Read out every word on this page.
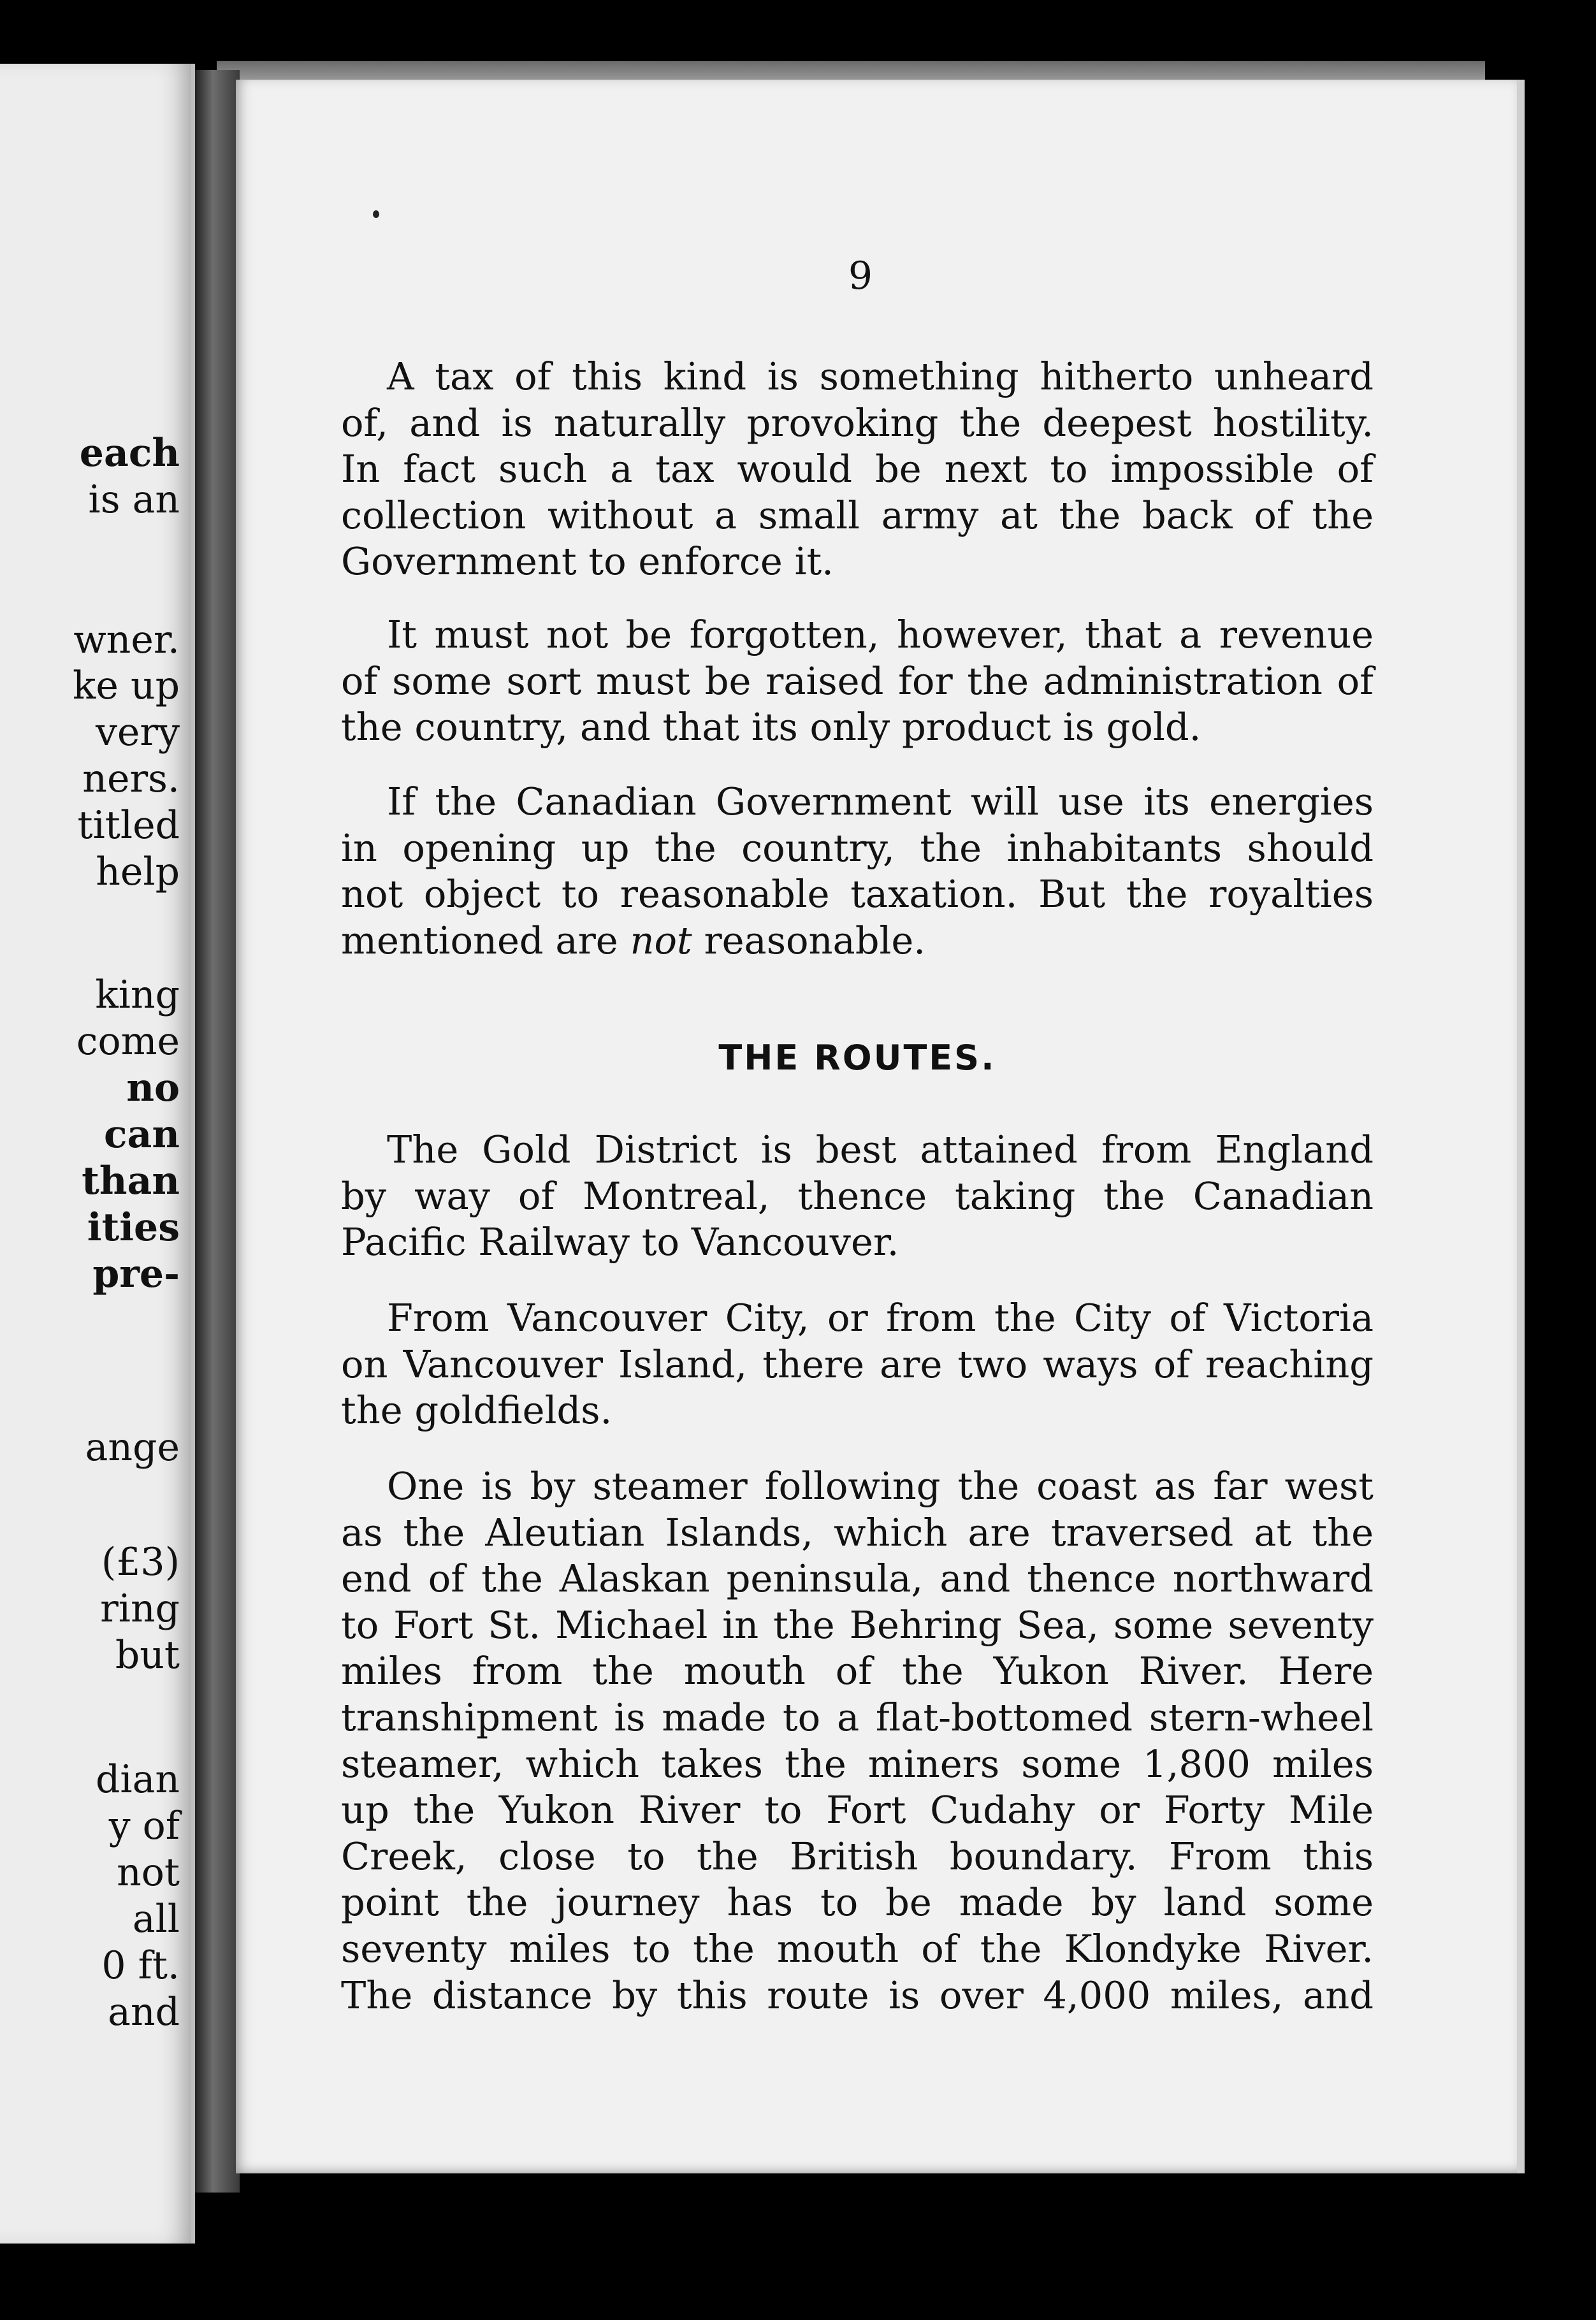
each
is an
wner.
ke up
very
ners.
titled
help
king
come
no
can
than
ities
pre-
ange
(£3)
ring
but
dian
y of
not
all
0 ft.
and
9
A tax of this kind is something hitherto unheard
of, and is naturally provoking the deepest hostility.
In fact such a tax would be next to impossible of
collection without a small army at the back of the
Government to enforce it.
It must not be forgotten, however, that a revenue
of some sort must be raised for the administration of
the country, and that its only product is gold.
If the Canadian Government will use its energies
in opening up the country, the inhabitants should
not object to reasonable taxation. But the royalties
mentioned are not reasonable.
THE ROUTES.
The Gold District is best attained from England
by way of Montreal, thence taking the Canadian
Pacific Railway to Vancouver.
From Vancouver City, or from the City of Victoria
on Vancouver Island, there are two ways of reaching
the goldfields.
One is by steamer following the coast as far west
as the Aleutian Islands, which are traversed at the
end of the Alaskan peninsula, and thence northward
to Fort St. Michael in the Behring Sea, some seventy
miles from the mouth of the Yukon River. Here
transhipment is made to a flat-bottomed stern-wheel
steamer, which takes the miners some 1,800 miles
up the Yukon River to Fort Cudahy or Forty Mile
Creek, close to the British boundary. From this
point the journey has to be made by land some
seventy miles to the mouth of the Klondyke River.
The distance by this route is over 4,000 miles, and
